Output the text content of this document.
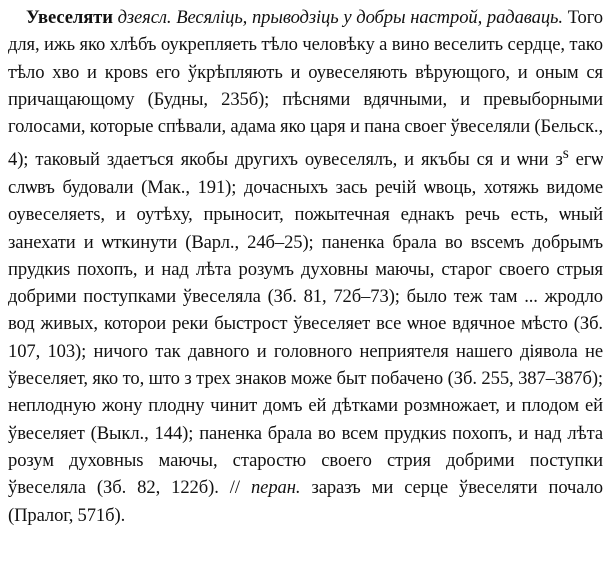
Увеселяти дзеясл. Весяліць, прыводзіць у добры настрой, радаваць. Того для, ижь яко хлѣбъ оукрепляеть тѣло человѣку а вино веселить сердце, тако тѣло хво и кровs его ўкрѣпляють и оувеселяють вѣрующого, и оным ся причащающому (Будны, 235б); пѣснями вдячными, и превыборными голосами, которые спѣвали, адама яко царя и пана своег ўвеселяли (Бельск., 4); таковый здаетъся якобы другихъ оувеселялъ, и якъбы ся и ѡни $з^s$ егѡ слѡвъ будовали (Мак., 191); дочасныхъ зась речій ѡвоць, хотяжь видоме оувеселяетs, и оутѣху, прыносит, пожытечная еднакъ речь есть, ѡный занехати и ѡткинути (Варл., 24б–25); паненка брала во вsсемъ добрымъ прудкиs похопъ, и над лѣта розумъ духовны маючы, старог своего стрыя добрими поступками ўвеселяла (Зб. 81, 72б–73); было теж там ... жродло вод живых, которои реки быстрост ўвеселяет все ѡное вдячное мѣсто (Зб. 107, 103); ничого так давного и головного неприятеля нашего дiявола не ўвеселяет, яко то, што з трех знаков може быт побачено (Зб. 255, 387–387б); неплодную жону плодну чинит домъ ей дѣтками розмножает, и плодом ей ўвеселяет (Выкл., 144); паненка брала во всем прудкиs похопъ, и над лѣта розум духовныs маючы, старостю своего стрия добрими поступки ўвеселяла (Зб. 82, 122б). // перан. заразъ ми серце ўвеселяти почало (Пралог, 571б).
